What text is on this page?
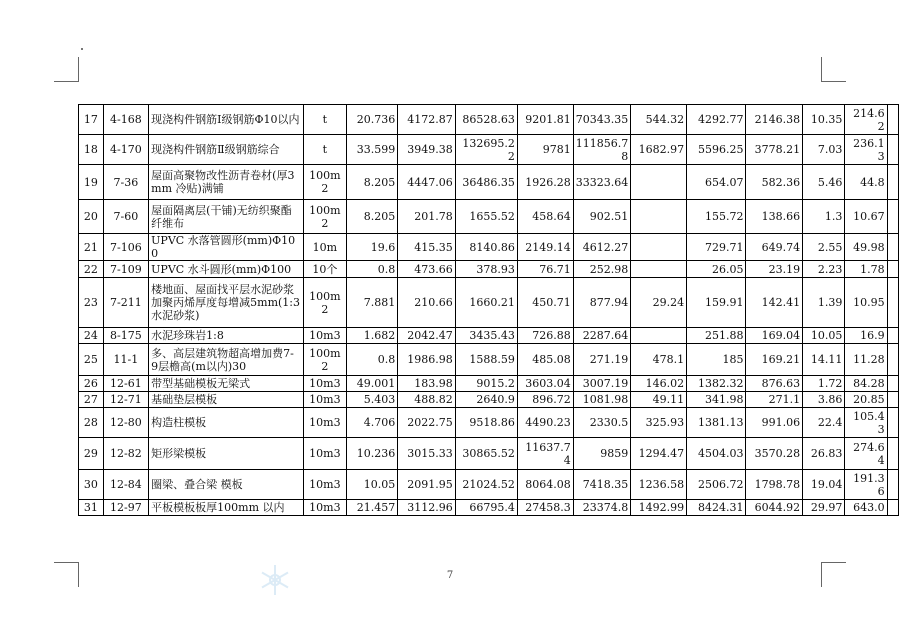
17	4-168	现浇构件钢筋Ⅰ级钢筋Φ10以内	t	20.736	4172.87	86528.63	9201.81	70343.35	544.32	4292.77	2146.38	10.35	214.62	
18	4-170	现浇构件钢筋Ⅱ级钢筋综合	t	33.599	3949.38	132695.22	9781	111856.78	1682.97	5596.25	3778.21	7.03	236.13	
19	7-36	屋面高聚物改性沥青卷材(厚3mm 冷贴)满铺	100m2	8.205	4447.06	36486.35	1926.28	33323.64		654.07	582.36	5.46	44.8	
20	7-60	屋面隔离层(干铺)无纺织聚酯纤维布	100m2	8.205	201.78	1655.52	458.64	902.51		155.72	138.66	1.3	10.67	
21	7-106	UPVC 水落管圆形(mm)Φ100	10m	19.6	415.35	8140.86	2149.14	4612.27		729.71	649.74	2.55	49.98	
22	7-109	UPVC 水斗圆形(mm)Φ100	10个	0.8	473.66	378.93	76.71	252.98		26.05	23.19	2.23	1.78	
23	7-211	楼地面、屋面找平层水泥砂浆加聚丙烯厚度每增减5mm(1:3水泥砂浆)	100m2	7.881	210.66	1660.21	450.71	877.94	29.24	159.91	142.41	1.39	10.95	
24	8-175	水泥珍珠岩1:8	10m3	1.682	2042.47	3435.43	726.88	2287.64		251.88	169.04	10.05	16.9	
25	11-1	多、高层建筑物超高增加费7-9层檐高(m以内)30	100m2	0.8	1986.98	1588.59	485.08	271.19	478.1	185	169.21	14.11	11.28	
26	12-61	带型基础模板无梁式	10m3	49.001	183.98	9015.2	3603.04	3007.19	146.02	1382.32	876.63	1.72	84.28	
27	12-71	基础垫层模板	10m3	5.403	488.82	2640.9	896.72	1081.98	49.11	341.98	271.1	3.86	20.85	
28	12-80	构造柱模板	10m3	4.706	2022.75	9518.86	4490.23	2330.5	325.93	1381.13	991.06	22.4	105.43	
29	12-82	矩形梁模板	10m3	10.236	3015.33	30865.52	11637.74	9859	1294.47	4504.03	3570.28	26.83	274.64	
30	12-84	圈梁、叠合梁 模板	10m3	10.05	2091.95	21024.52	8064.08	7418.35	1236.58	2506.72	1798.78	19.04	191.36	
31	12-97	平板模板板厚100mm 以内	10m3	21.457	3112.96	66795.4	27458.3	23374.8	1492.99	8424.31	6044.92	29.97	643.0	
7
